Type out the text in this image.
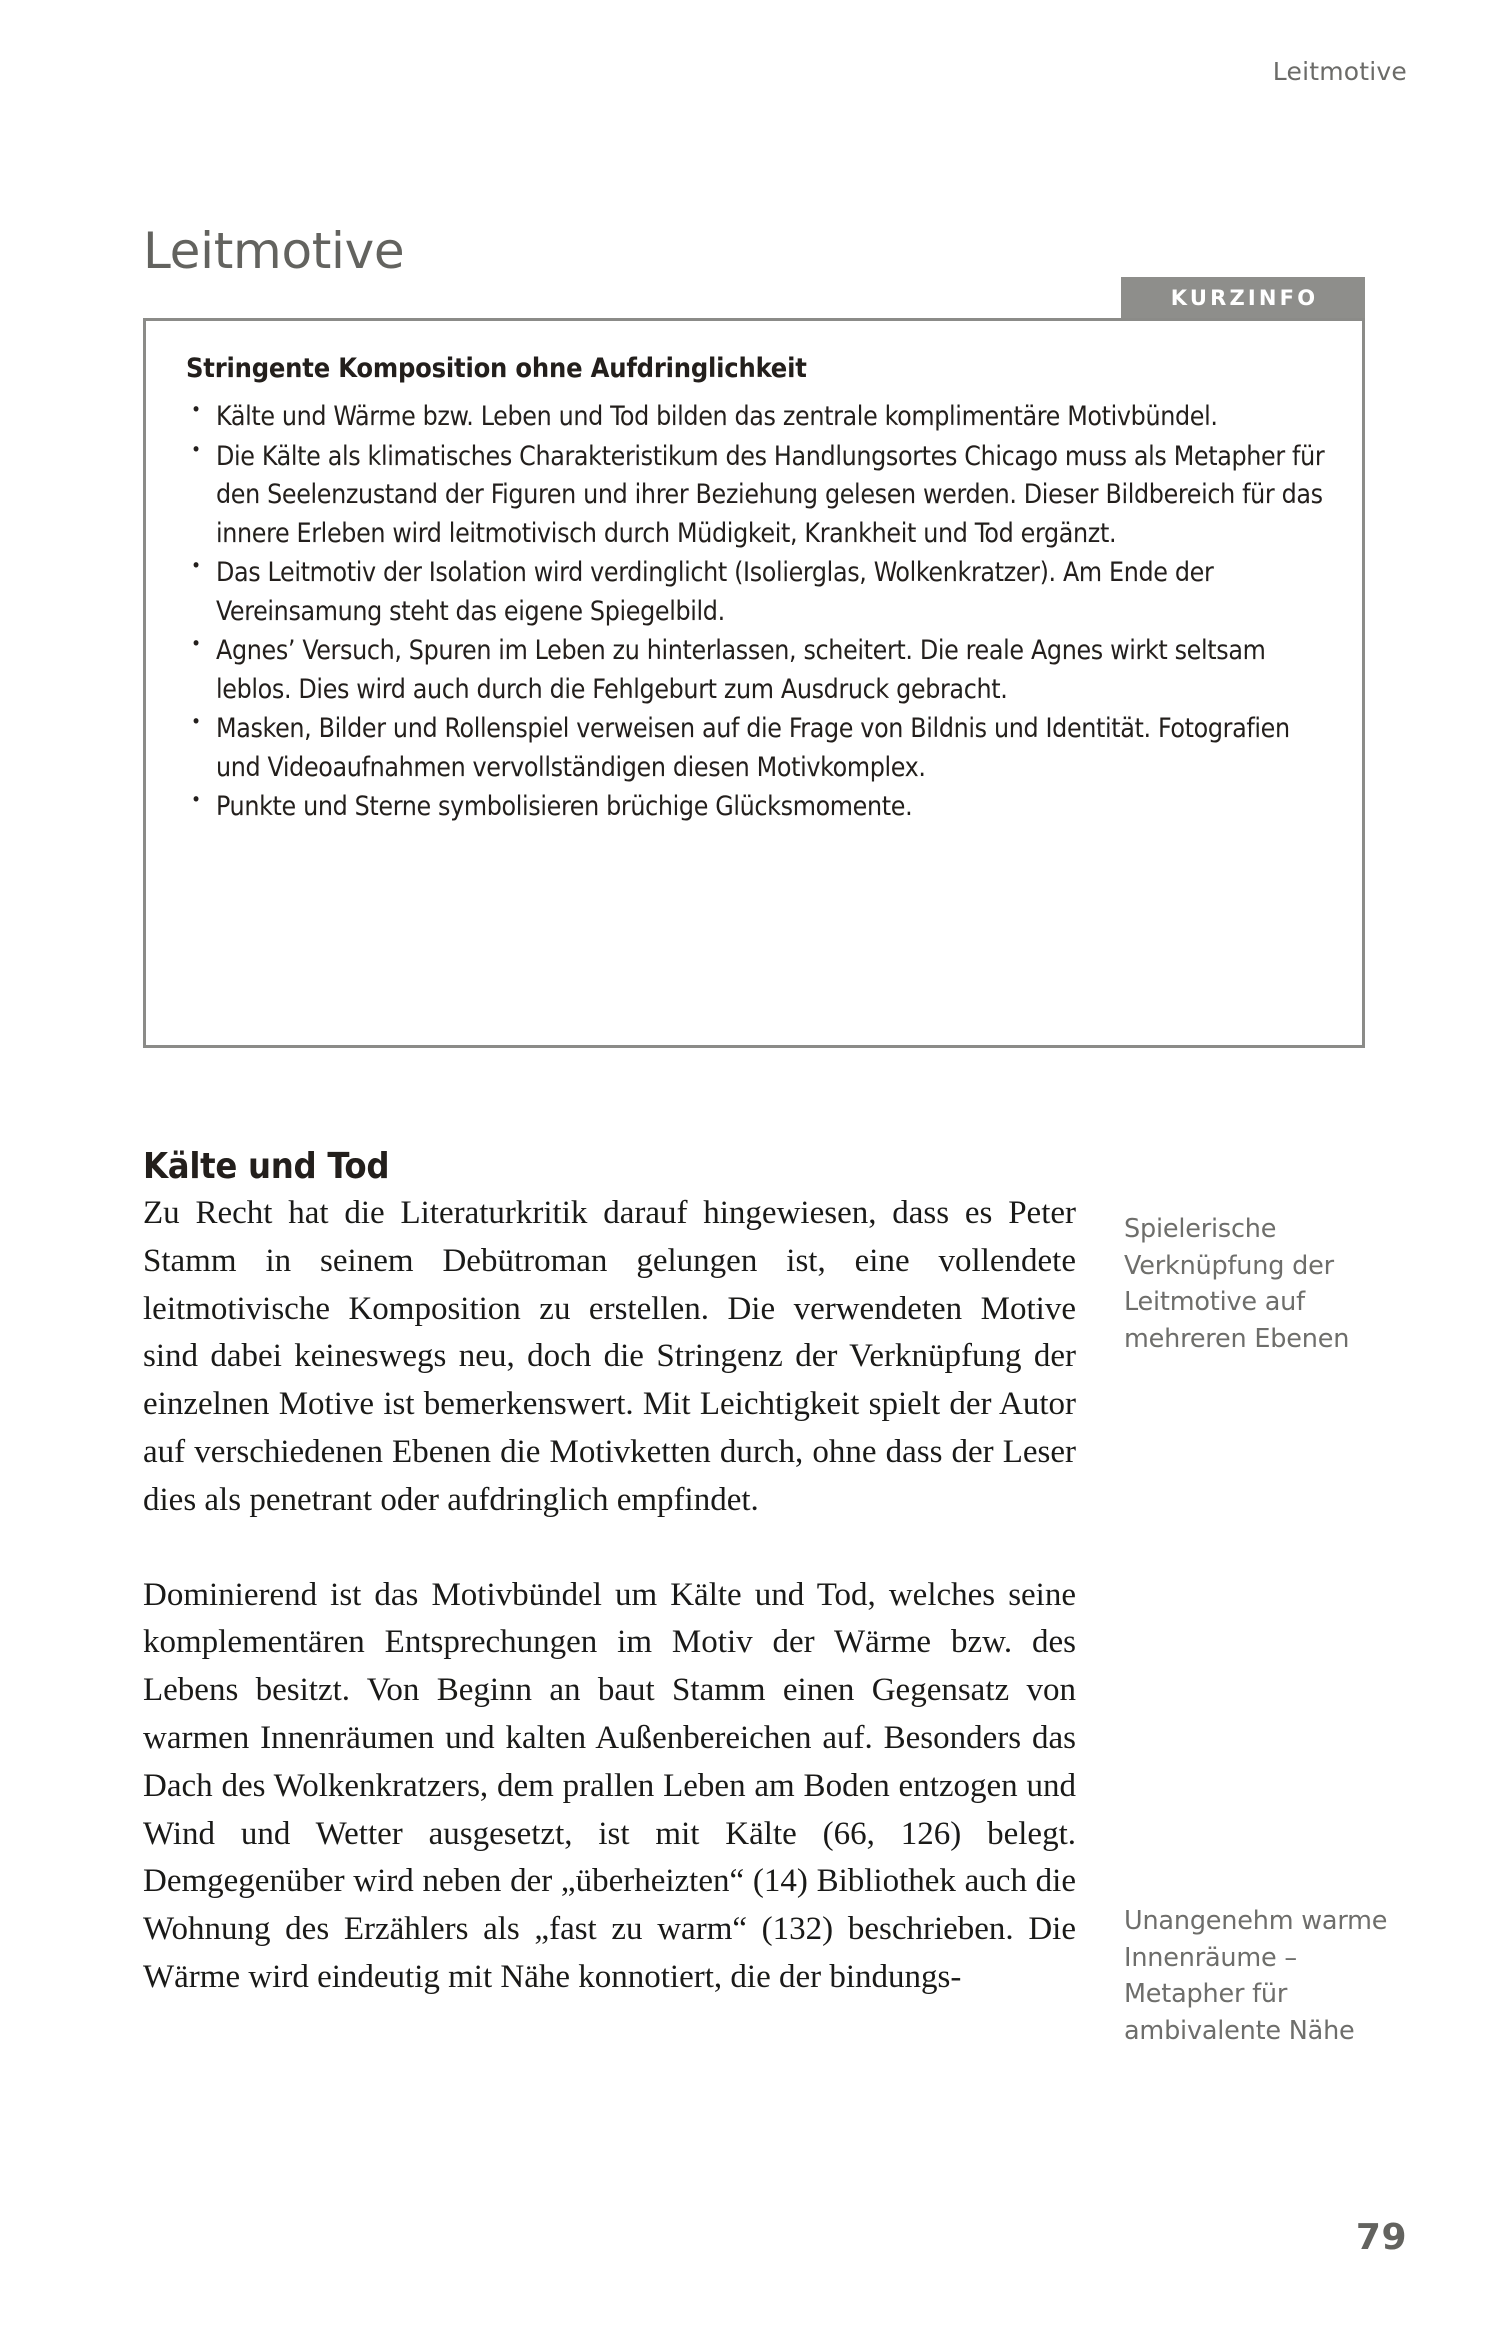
Leitmotive
Leitmotive
KURZINFO
Stringente Komposition ohne Aufdringlichkeit
• Kälte und Wärme bzw. Leben und Tod bilden das zentrale komplimentäre Motivbündel.
• Die Kälte als klimatisches Charakteristikum des Handlungsortes Chicago muss als Metapher für den Seelenzustand der Figuren und ihrer Beziehung gelesen werden. Dieser Bildbereich für das innere Erleben wird leitmotivisch durch Müdigkeit, Krankheit und Tod ergänzt.
• Das Leitmotiv der Isolation wird verdinglicht (Isolierglas, Wolkenkratzer). Am Ende der Vereinsamung steht das eigene Spiegelbild.
• Agnes’ Versuch, Spuren im Leben zu hinterlassen, scheitert. Die reale Agnes wirkt seltsam leblos. Dies wird auch durch die Fehlgeburt zum Ausdruck gebracht.
• Masken, Bilder und Rollenspiel verweisen auf die Frage von Bildnis und Identität. Fotografien und Videoaufnahmen vervollständigen diesen Motivkomplex.
• Punkte und Sterne symbolisieren brüchige Glücksmomente.
Kälte und Tod

Zu Recht hat die Literaturkritik darauf hingewiesen, dass es Peter Stamm in seinem Debütroman gelungen ist, eine vollendete leitmotivische Komposition zu erstellen. Die verwendeten Motive sind dabei keineswegs neu, doch die Stringenz der Verknüpfung der einzelnen Motive ist bemerkenswert. Mit Leichtigkeit spielt der Autor auf verschiedenen Ebenen die Motivketten durch, ohne dass der Leser dies als penetrant oder aufdringlich empfindet.

Dominierend ist das Motivbündel um Kälte und Tod, welches seine komplementären Entsprechungen im Motiv der Wärme bzw. des Lebens besitzt. Von Beginn an baut Stamm einen Gegensatz von warmen Innenräumen und kalten Außenbereichen auf. Besonders das Dach des Wolkenkratzers, dem prallen Leben am Boden entzogen und Wind und Wetter ausgesetzt, ist mit Kälte (66, 126) belegt. Demgegenüber wird neben der „überheizten“ (14) Bibliothek auch die Wohnung des Erzählers als „fast zu warm“ (132) beschrieben. Die Wärme wird eindeutig mit Nähe konnotiert, die der bindungs-

Spielerische Verknüpfung der Leitmotive auf mehreren Ebenen
Unangenehm warme Innenräume – Metapher für ambivalente Nähe
79
